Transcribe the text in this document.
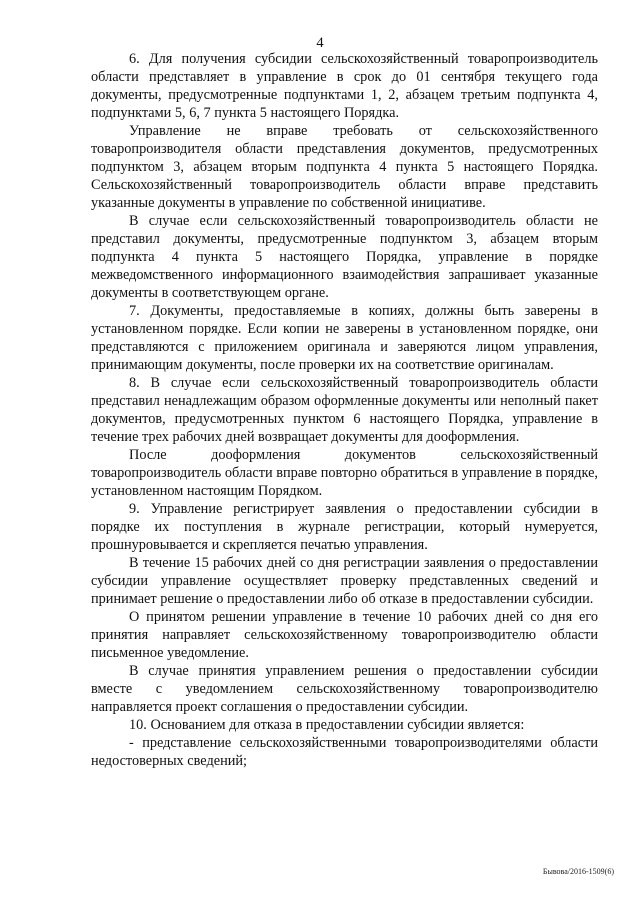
4

6. Для получения субсидии сельскохозяйственный товаропроизводитель области представляет в управление в срок до 01 сентября текущего года документы, предусмотренные подпунктами 1, 2, абзацем третьим подпункта 4, подпунктами 5, 6, 7 пункта 5 настоящего Порядка.

Управление не вправе требовать от сельскохозяйственного товаропроизводителя области представления документов, предусмотренных подпунктом 3, абзацем вторым подпункта 4 пункта 5 настоящего Порядка. Сельскохозяйственный товаропроизводитель области вправе представить указанные документы в управление по собственной инициативе.

В случае если сельскохозяйственный товаропроизводитель области не представил документы, предусмотренные подпунктом 3, абзацем вторым подпункта 4 пункта 5 настоящего Порядка, управление в порядке межведомственного информационного взаимодействия запрашивает указанные документы в соответствующем органе.

7. Документы, предоставляемые в копиях, должны быть заверены в установленном порядке. Если копии не заверены в установленном порядке, они представляются с приложением оригинала и заверяются лицом управления, принимающим документы, после проверки их на соответствие оригиналам.

8. В случае если сельскохозяйственный товаропроизводитель области представил ненадлежащим образом оформленные документы или неполный пакет документов, предусмотренных пунктом 6 настоящего Порядка, управление в течение трех рабочих дней возвращает документы для дооформления.

После дооформления документов сельскохозяйственный товаропроизводитель области вправе повторно обратиться в управление в порядке, установленном настоящим Порядком.

9. Управление регистрирует заявления о предоставлении субсидии в порядке их поступления в журнале регистрации, который нумеруется, прошнуровывается и скрепляется печатью управления.

В течение 15 рабочих дней со дня регистрации заявления о предоставлении субсидии управление осуществляет проверку представленных сведений и принимает решение о предоставлении либо об отказе в предоставлении субсидии.

О принятом решении управление в течение 10 рабочих дней со дня его принятия направляет сельскохозяйственному товаропроизводителю области письменное уведомление.

В случае принятия управлением решения о предоставлении субсидии вместе с уведомлением сельскохозяйственному товаропроизводителю направляется проект соглашения о предоставлении субсидии.

10. Основанием для отказа в предоставлении субсидии является:

- представление сельскохозяйственными товаропроизводителями области недостоверных сведений;

Бывова/2016-1509(6)
